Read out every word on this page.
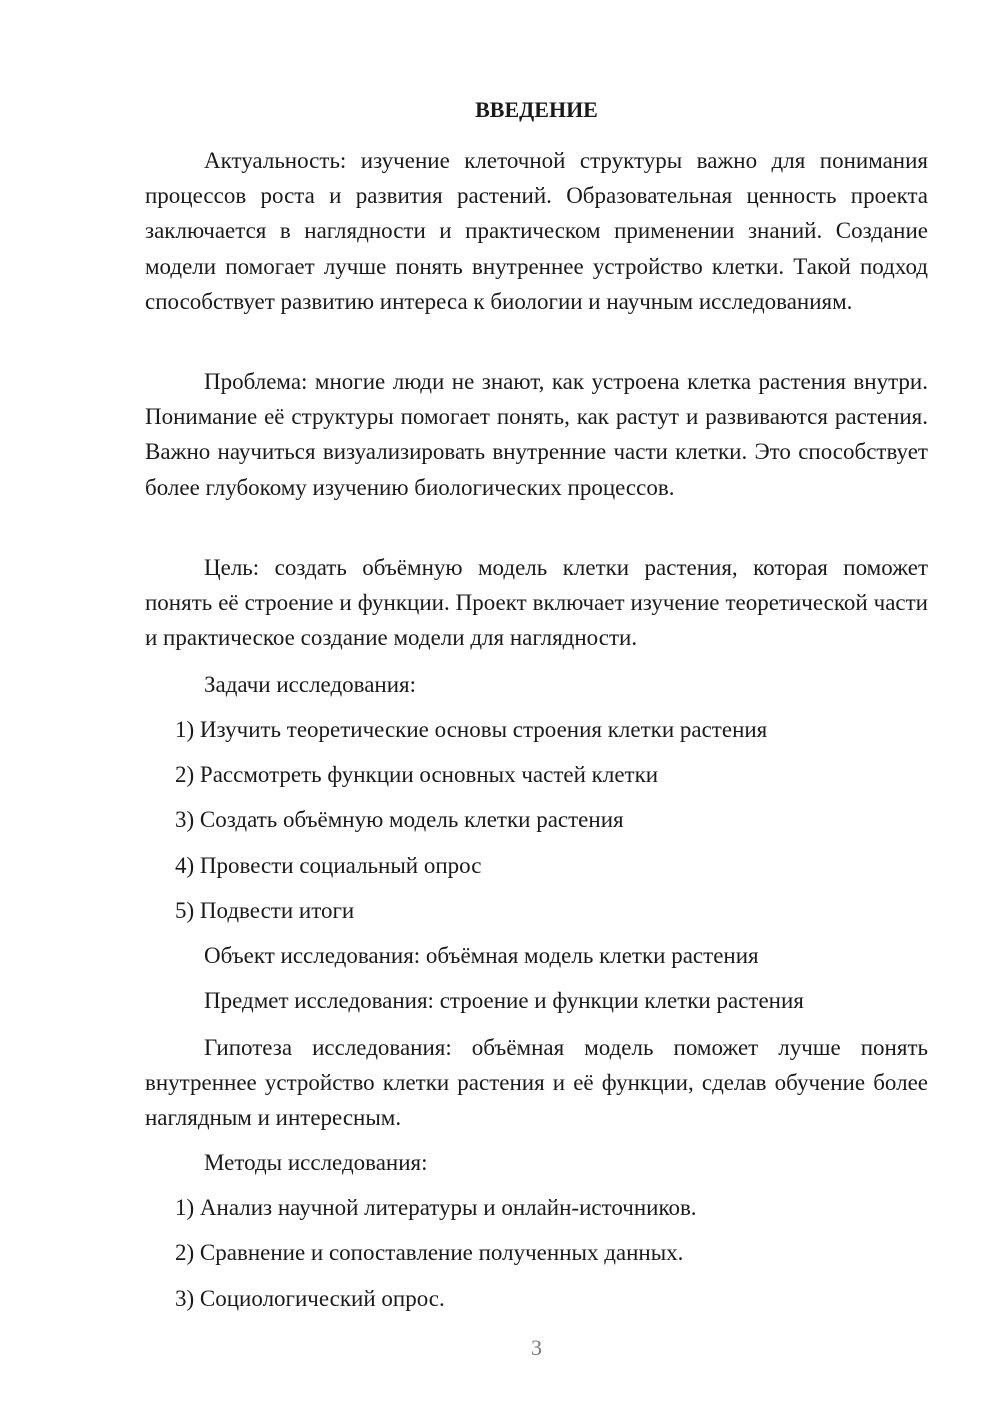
ВВЕДЕНИЕ

Актуальность: изучение клеточной структуры важно для понимания процессов роста и развития растений. Образовательная ценность проекта заключается в наглядности и практическом применении знаний. Создание модели помогает лучше понять внутреннее устройство клетки. Такой подход способствует развитию интереса к биологии и научным исследованиям.

Проблема: многие люди не знают, как устроена клетка растения внутри. Понимание её структуры помогает понять, как растут и развиваются растения. Важно научиться визуализировать внутренние части клетки. Это способствует более глубокому изучению биологических процессов.

Цель: создать объёмную модель клетки растения, которая поможет понять её строение и функции. Проект включает изучение теоретической части и практическое создание модели для наглядности.

Задачи исследования:

1) Изучить теоретические основы строения клетки растения

2) Рассмотреть функции основных частей клетки

3) Создать объёмную модель клетки растения

4) Провести социальный опрос

5) Подвести итоги

Объект исследования: объёмная модель клетки растения

Предмет исследования: строение и функции клетки растения

Гипотеза исследования: объёмная модель поможет лучше понять внутреннее устройство клетки растения и её функции, сделав обучение более наглядным и интересным.

Методы исследования:

1) Анализ научной литературы и онлайн-источников.

2) Сравнение и сопоставление полученных данных.

3) Социологический опрос.

3
